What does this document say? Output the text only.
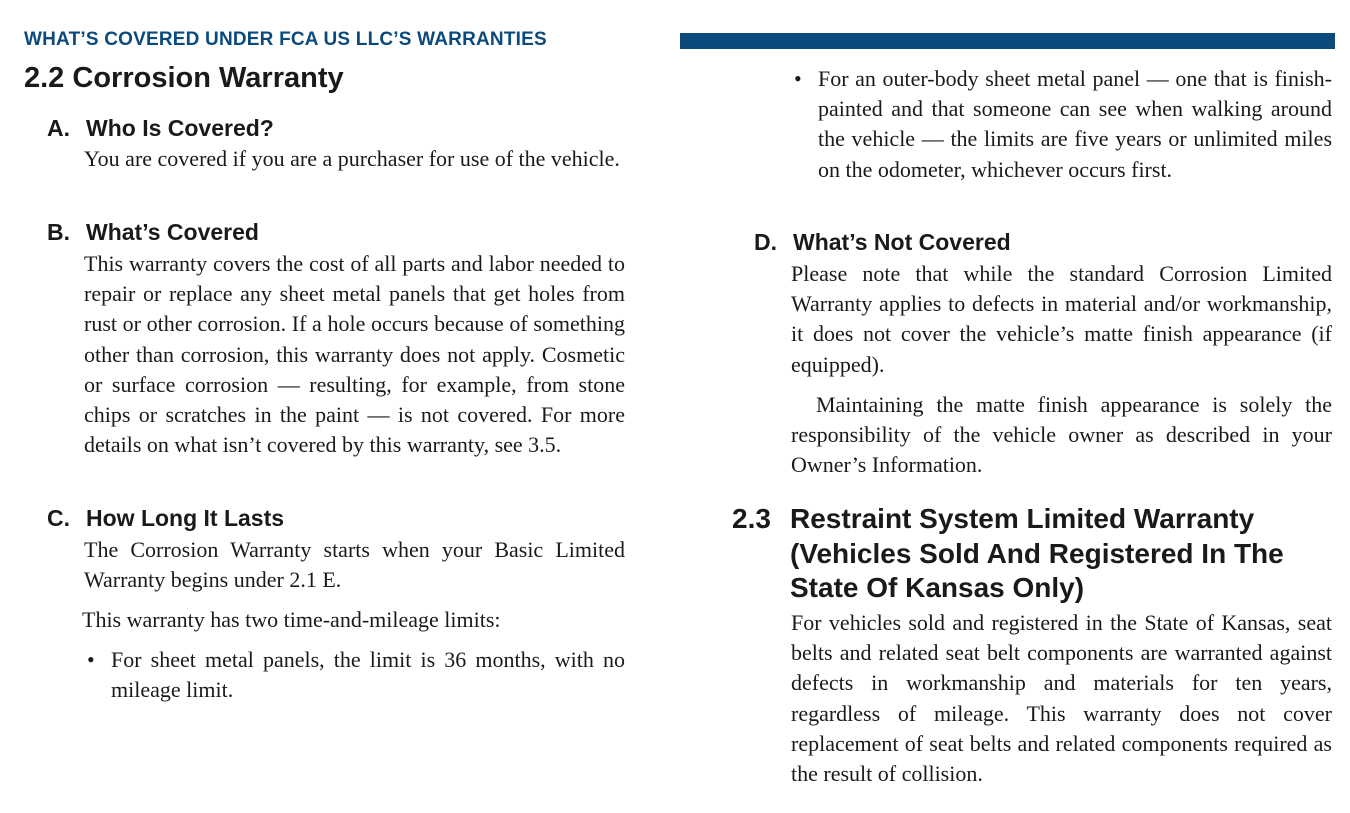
WHAT’S COVERED UNDER FCA US LLC’S WARRANTIES
2.2 Corrosion Warranty
A. Who Is Covered?

You are covered if you are a purchaser for use of the vehicle.

B. What’s Covered

This warranty covers the cost of all parts and labor needed to repair or replace any sheet metal panels that get holes from rust or other corrosion. If a hole occurs because of something other than corrosion, this warranty does not apply. Cosmetic or surface corrosion — resulting, for example, from stone chips or scratches in the paint — is not covered. For more details on what isn’t covered by this warranty, see 3.5.

C. How Long It Lasts

The Corrosion Warranty starts when your Basic Limited Warranty begins under 2.1 E.

This warranty has two time-and-mileage limits:

• For sheet metal panels, the limit is 36 months, with no mileage limit.
• For an outer-body sheet metal panel — one that is finish-painted and that someone can see when walking around the vehicle — the limits are five years or unlimited miles on the odometer, whichever occurs first.
D. What’s Not Covered

Please note that while the standard Corrosion Limited Warranty applies to defects in material and/or workmanship, it does not cover the vehicle’s matte finish appearance (if equipped).

Maintaining the matte finish appearance is solely the responsibility of the vehicle owner as described in your Owner’s Information.

2.3 Restraint System Limited Warranty (Vehicles Sold And Registered In The State Of Kansas Only)

For vehicles sold and registered in the State of Kansas, seat belts and related seat belt components are warranted against defects in workmanship and materials for ten years, regardless of mileage. This warranty does not cover replacement of seat belts and related components required as the result of collision.
